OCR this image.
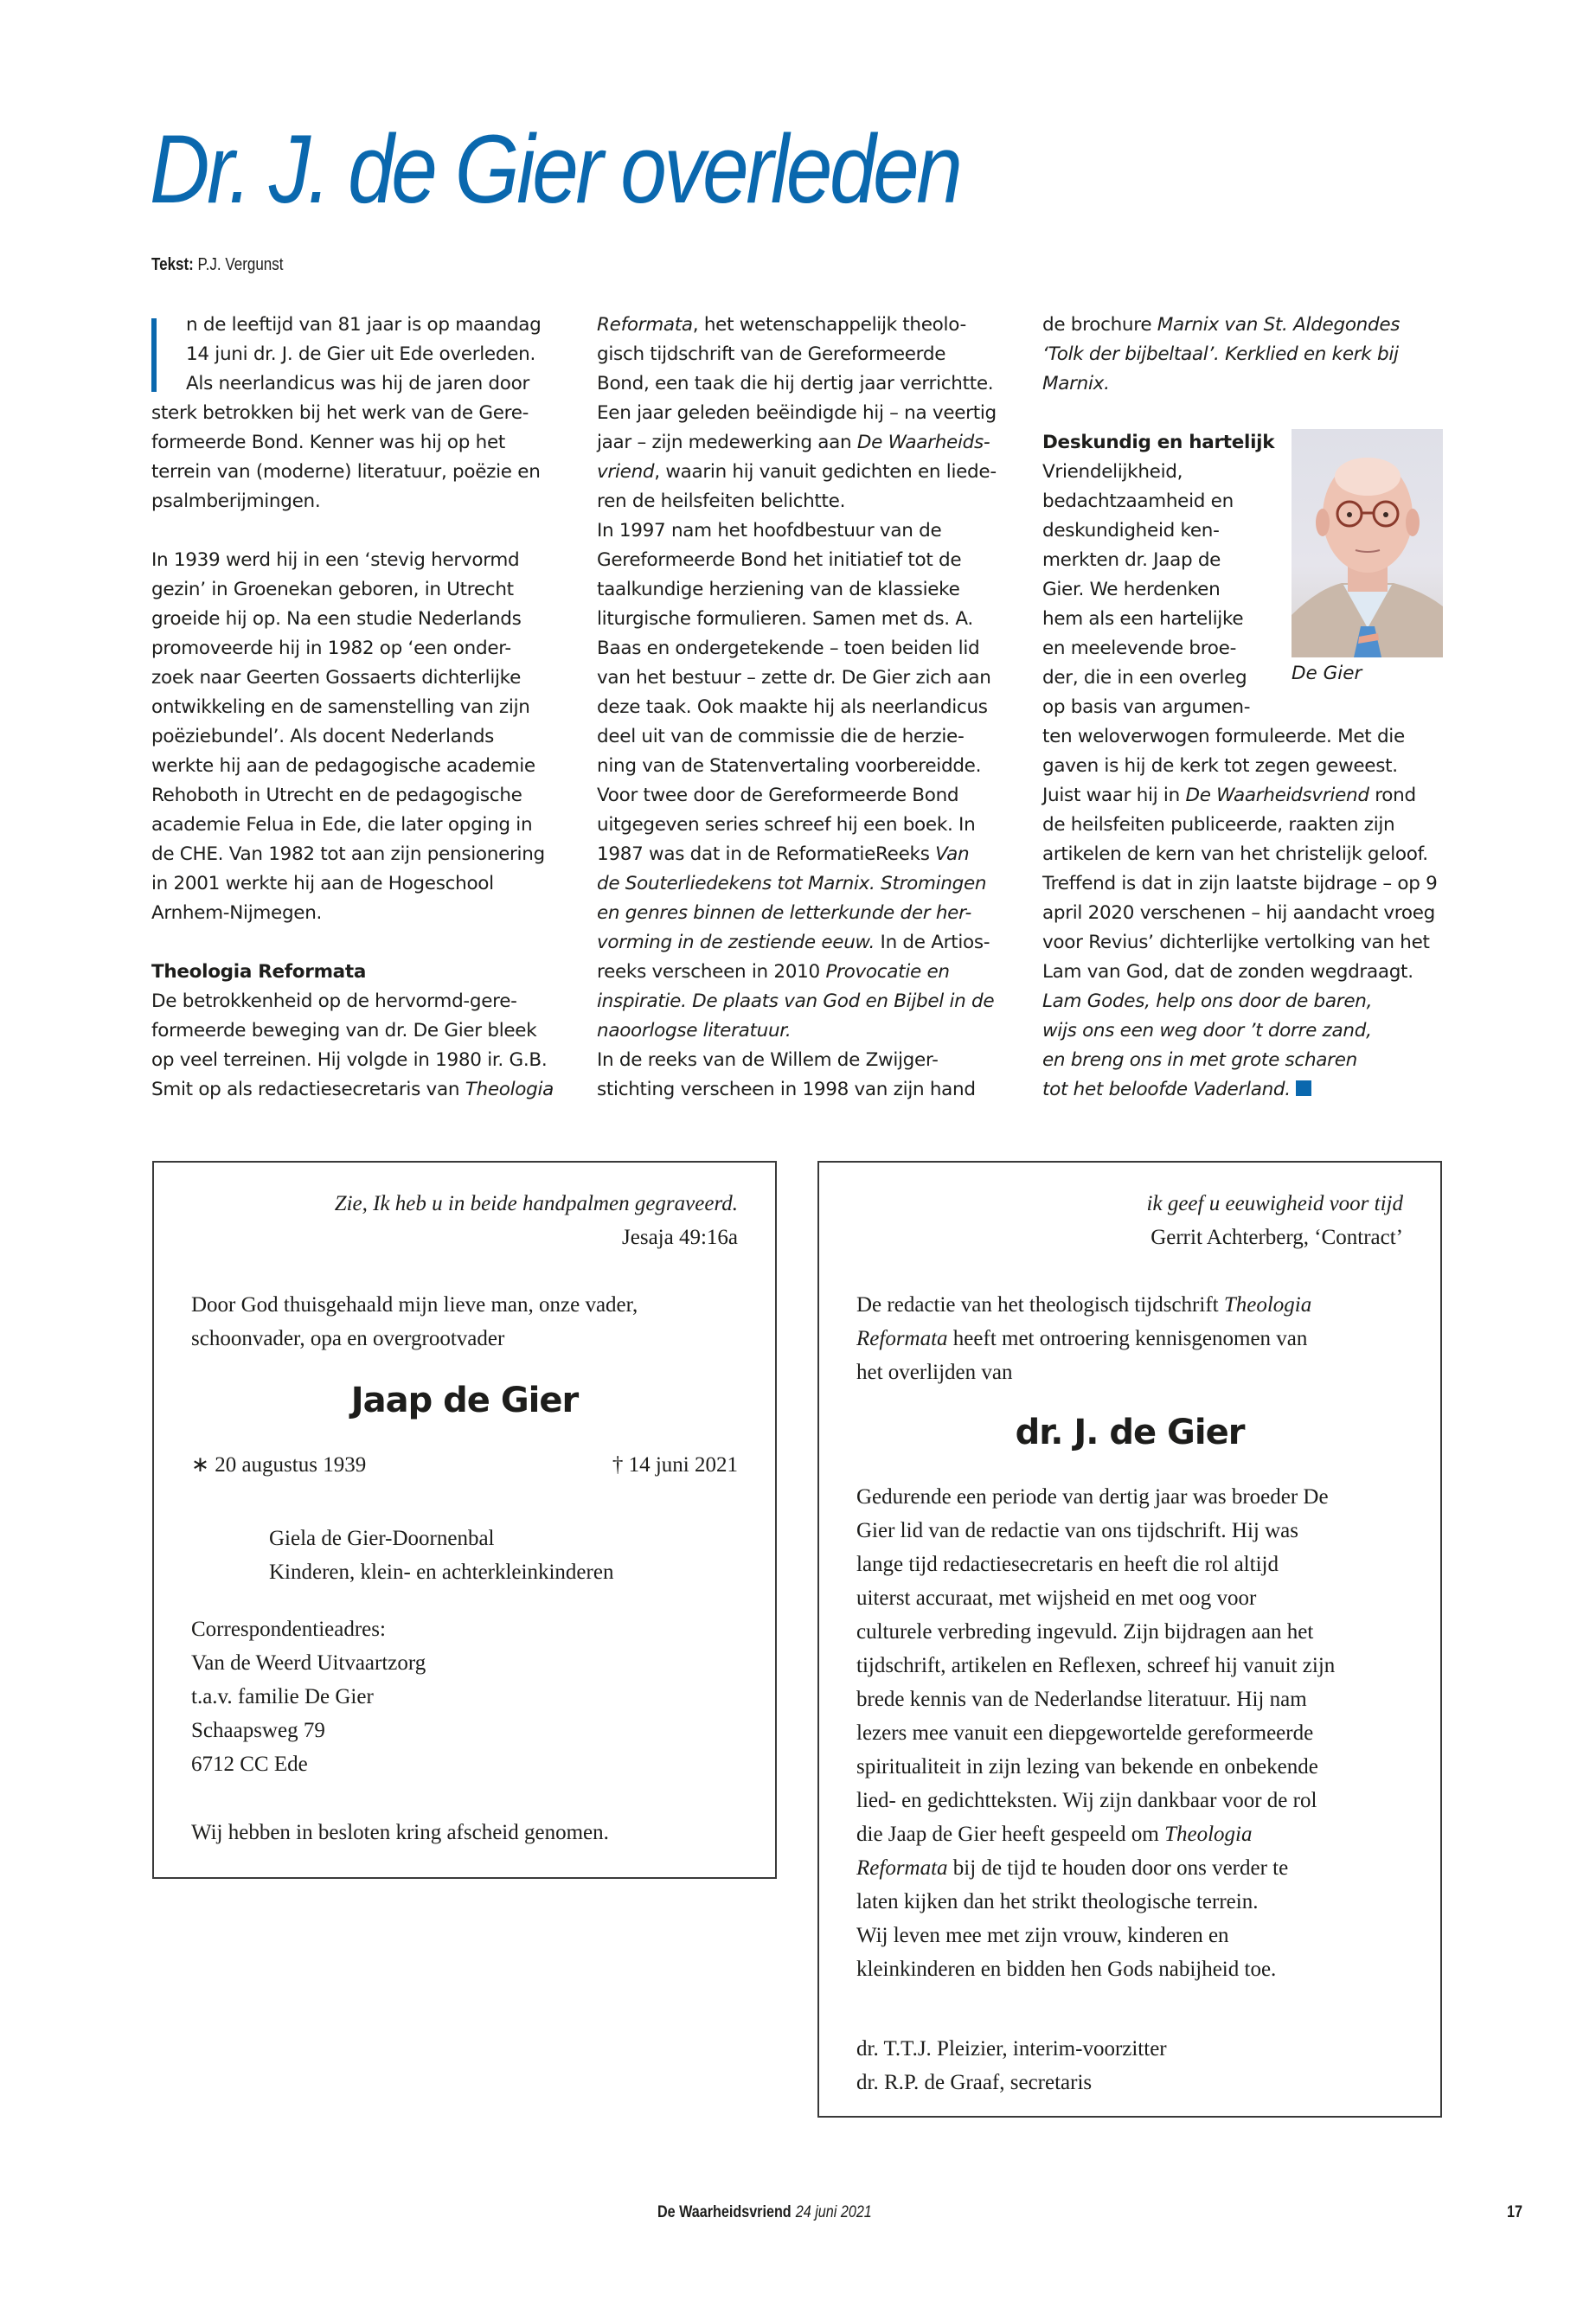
Dr. J. de Gier overleden
Tekst: P.J. Vergunst

n de leeftijd van 81 jaar is op maandag
14 juni dr. J. de Gier uit Ede overleden.
Als neerlandicus was hij de jaren door
sterk betrokken bij het werk van de Gere-
formeerde Bond. Kenner was hij op het
terrein van (moderne) literatuur, poëzie en
psalmberijmingen.

In 1939 werd hij in een ‘stevig hervormd
gezin’ in Groenekan geboren, in Utrecht
groeide hij op. Na een studie Nederlands
promoveerde hij in 1982 op ‘een onder-
zoek naar Geerten Gossaerts dichterlijke
ontwikkeling en de samenstelling van zijn
poëziebundel’. Als docent Nederlands
werkte hij aan de pedagogische academie
Rehoboth in Utrecht en de pedagogische
academie Felua in Ede, die later opging in
de CHE. Van 1982 tot aan zijn pensionering
in 2001 werkte hij aan de Hogeschool
Arnhem-Nijmegen.

Theologia Reformata

De betrokkenheid op de hervormd-gere-
formeerde beweging van dr. De Gier bleek
op veel terreinen. Hij volgde in 1980 ir. G.B.
Smit op als redactiesecretaris van Theologia

Reformata, het wetenschappelijk theolo-
gisch tijdschrift van de Gereformeerde
Bond, een taak die hij dertig jaar verrichtte.
Een jaar geleden beëindigde hij – na veertig
jaar – zijn medewerking aan De Waarheids-
vriend, waarin hij vanuit gedichten en liede-
ren de heilsfeiten belichtte.
In 1997 nam het hoofdbestuur van de
Gereformeerde Bond het initiatief tot de
taalkundige herziening van de klassieke
liturgische formulieren. Samen met ds. A.
Baas en ondergetekende – toen beiden lid
van het bestuur – zette dr. De Gier zich aan
deze taak. Ook maakte hij als neerlandicus
deel uit van de commissie die de herzie-
ning van de Statenvertaling voorbereidde.
Voor twee door de Gereformeerde Bond
uitgegeven series schreef hij een boek. In
1987 was dat in de ReformatieReeks Van
de Souterliedekens tot Marnix. Stromingen
en genres binnen de letterkunde der her-
vorming in de zestiende eeuw. In de Artios-
reeks verscheen in 2010 Provocatie en
inspiratie. De plaats van God en Bijbel in de
naoorlogse literatuur.
In de reeks van de Willem de Zwijger-
stichting verscheen in 1998 van zijn hand
de brochure Marnix van St. Aldegondes
‘Tolk der bijbeltaal’. Kerklied en kerk bij
Marnix.
Deskundig en hartelijk
Vriendelijkheid,
bedachtzaamheid en
deskundigheid ken-
merkten dr. Jaap de
Gier. We herdenken
hem als een hartelijke
en meelevende broe-
der, die in een overleg
op basis van argumen-
ten weloverwogen formuleerde. Met die
gaven is hij de kerk tot zegen geweest.
Juist waar hij in De Waarheidsvriend rond
de heilsfeiten publiceerde, raakten zijn
artikelen de kern van het christelijk geloof.
Treffend is dat in zijn laatste bijdrage – op 9
april 2020 verschenen – hij aandacht vroeg
voor Revius’ dichterlijke vertolking van het
Lam van God, dat de zonden wegdraagt.
Lam Godes, help ons door de baren,
wijs ons een weg door ’t dorre zand,
en breng ons in met grote scharen
tot het beloofde Vaderland.
De Gier
Zie, Ik heb u in beide handpalmen gegraveerd.
Jesaja 49:16a
Door God thuisgehaald mijn lieve man, onze vader,
schoonvader, opa en overgrootvader
Jaap de Gier
∗ 20 augustus 1939	† 14 juni 2021
Giela de Gier-Doornenbal
Kinderen, klein- en achterkleinkinderen
Correspondentieadres:
Van de Weerd Uitvaartzorg
t.a.v. familie De Gier
Schaapsweg 79
6712 CC Ede
Wij hebben in besloten kring afscheid genomen.
ik geef u eeuwigheid voor tijd
Gerrit Achterberg, ‘Contract’
De redactie van het theologisch tijdschrift Theologia
Reformata heeft met ontroering kennisgenomen van
het overlijden van
dr. J. de Gier
Gedurende een periode van dertig jaar was broeder De
Gier lid van de redactie van ons tijdschrift. Hij was
lange tijd redactiesecretaris en heeft die rol altijd
uiterst accuraat, met wijsheid en met oog voor
culturele verbreding ingevuld. Zijn bijdragen aan het
tijdschrift, artikelen en Reflexen, schreef hij vanuit zijn
brede kennis van de Nederlandse literatuur. Hij nam
lezers mee vanuit een diepgewortelde gereformeerde
spiritualiteit in zijn lezing van bekende en onbekende
lied- en gedichtteksten. Wij zijn dankbaar voor de rol
die Jaap de Gier heeft gespeeld om Theologia
Reformata bij de tijd te houden door ons verder te
laten kijken dan het strikt theologische terrein.
Wij leven mee met zijn vrouw, kinderen en
kleinkinderen en bidden hen Gods nabijheid toe.
dr. T.T.J. Pleizier, interim-voorzitter
dr. R.P. de Graaf, secretaris
De Waarheidsvriend 24 juni 2021	17
